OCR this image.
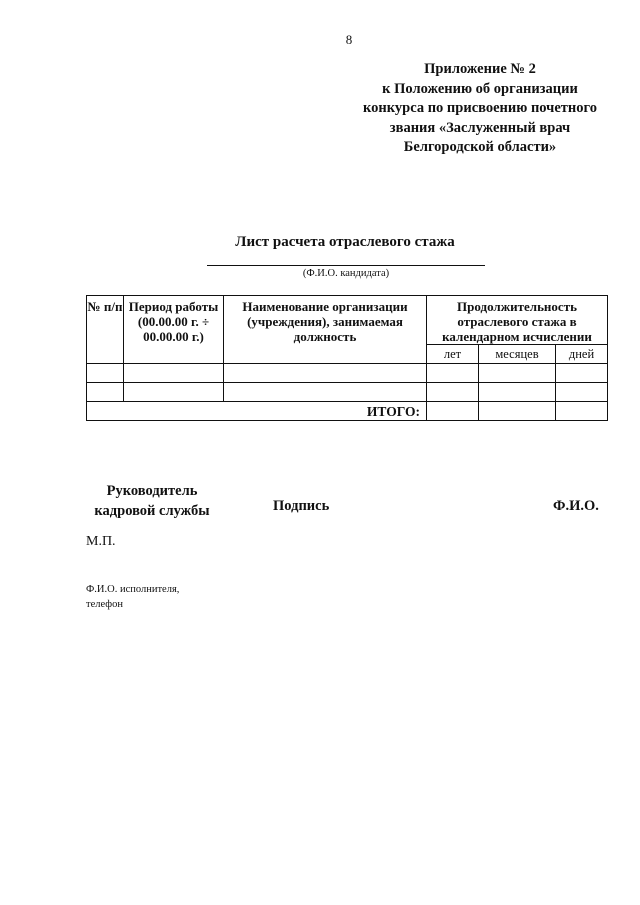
8
Приложение № 2
к Положению об организации
конкурса по присвоению почетного
звания «Заслуженный врач
Белгородской области»
Лист расчета отраслевого стажа
(Ф.И.О. кандидата)
№ п/п	Период работы (00.00.00 г. ÷ 00.00.00 г.)	Наименование организации (учреждения), занимаемая должность	Продолжительность отраслевого стажа в календарном исчислении		

			лет	месяцев	дней

ИТОГО:					
Руководитель
кадровой службы	Подпись	Ф.И.О.
М.П.
Ф.И.О. исполнителя,
телефон
